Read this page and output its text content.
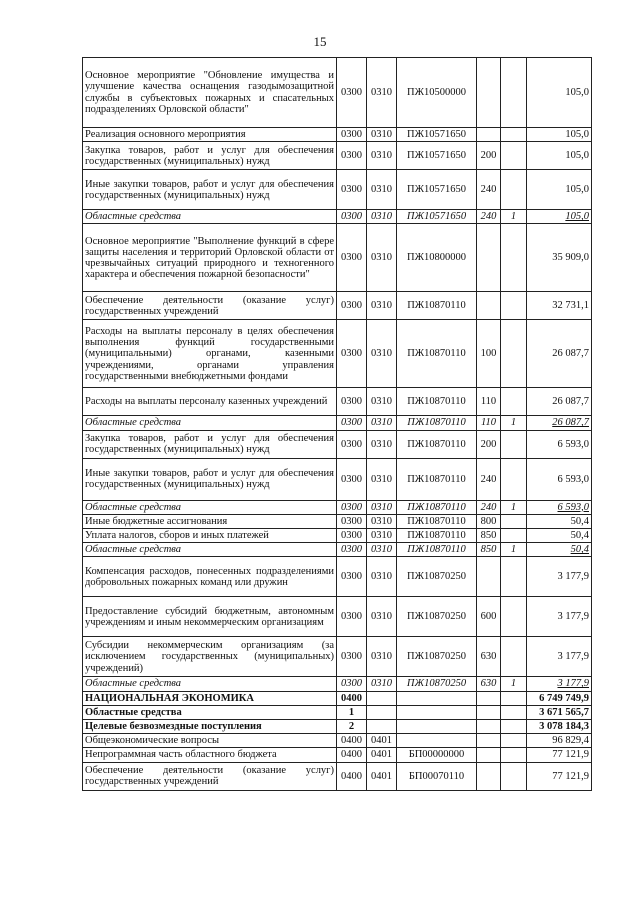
15
Основное мероприятие "Обновление имущества и улучшение качества оснащения газодымозащитной службы в субъектовых пожарных и спасательных подразделениях Орловской области"	0300	0310	ПЖ10500000			105,0
Реализация основного мероприятия	0300	0310	ПЖ10571650			105,0
Закупка товаров, работ и услуг для обеспечения государственных (муниципальных) нужд	0300	0310	ПЖ10571650	200		105,0
Иные закупки товаров, работ и услуг для обеспечения государственных (муниципальных) нужд	0300	0310	ПЖ10571650	240		105,0
Областные средства	0300	0310	ПЖ10571650	240	1	105,0
Основное мероприятие "Выполнение функций в сфере защиты населения и территорий Орловской области от чрезвычайных ситуаций природного и техногенного характера и обеспечения пожарной безопасности"	0300	0310	ПЖ10800000			35 909,0
Обеспечение деятельности (оказание услуг) государственных учреждений	0300	0310	ПЖ10870110			32 731,1
Расходы на выплаты персоналу в целях обеспечения выполнения функций государственными (муниципальными) органами, казенными учреждениями, органами управления государственными внебюджетными фондами	0300	0310	ПЖ10870110	100		26 087,7
Расходы на выплаты персоналу казенных учреждений	0300	0310	ПЖ10870110	110		26 087,7
Областные средства	0300	0310	ПЖ10870110	110	1	26 087,7
Закупка товаров, работ и услуг для обеспечения государственных (муниципальных) нужд	0300	0310	ПЖ10870110	200		6 593,0
Иные закупки товаров, работ и услуг для обеспечения государственных (муниципальных) нужд	0300	0310	ПЖ10870110	240		6 593,0
Областные средства	0300	0310	ПЖ10870110	240	1	6 593,0
Иные бюджетные ассигнования	0300	0310	ПЖ10870110	800		50,4
Уплата налогов, сборов и иных платежей	0300	0310	ПЖ10870110	850		50,4
Областные средства	0300	0310	ПЖ10870110	850	1	50,4
Компенсация расходов, понесенных подразделениями добровольных пожарных команд или дружин	0300	0310	ПЖ10870250			3 177,9
Предоставление субсидий бюджетным, автономным учреждениям и иным некоммерческим организациям	0300	0310	ПЖ10870250	600		3 177,9
Субсидии некоммерческим организациям (за исключением государственных (муниципальных) учреждений)	0300	0310	ПЖ10870250	630		3 177,9
Областные средства	0300	0310	ПЖ10870250	630	1	3 177,9
НАЦИОНАЛЬНАЯ ЭКОНОМИКА	0400					6 749 749,9
Областные средства	1					3 671 565,7
Целевые безвозмездные поступления	2					3 078 184,3
Общеэкономические вопросы	0400	0401				96 829,4
Непрограммная часть областного бюджета	0400	0401	БП00000000			77 121,9
Обеспечение деятельности (оказание услуг) государственных учреждений	0400	0401	БП00070110			77 121,9
